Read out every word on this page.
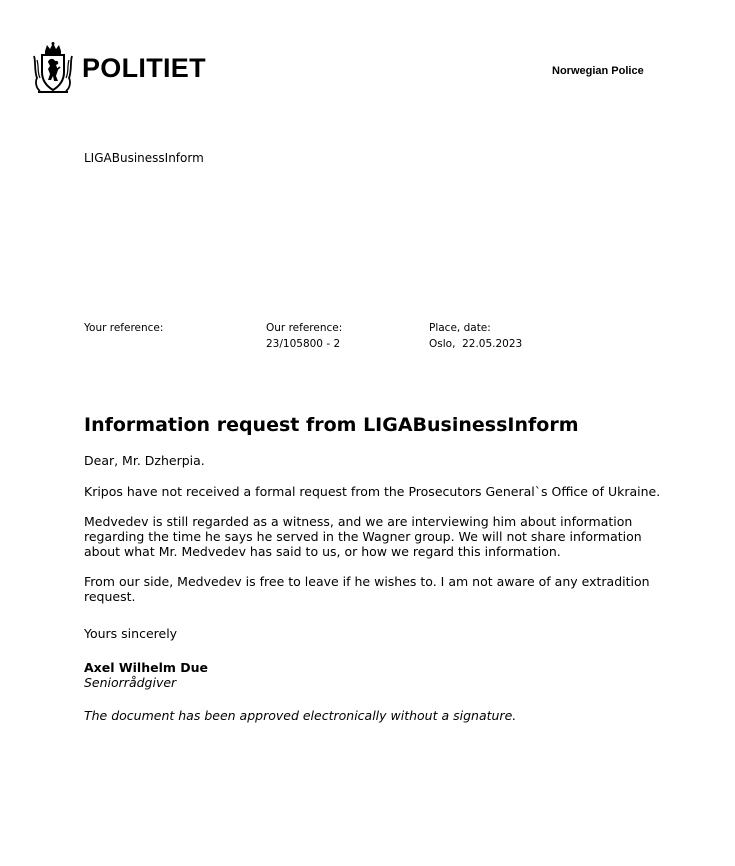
POLITIET	Norwegian Police
LIGABusinessInform
Your reference:	Our reference:
23/105800 - 2
Place, date:
Oslo,  22.05.2023
Information request from LIGABusinessInform

Dear, Mr. Dzherpia.

Kripos have not received a formal request from the Prosecutors General`s Office of Ukraine.

Medvedev is still regarded as a witness, and we are interviewing him about information regarding the time he says he served in the Wagner group. We will not share information about what Mr. Medvedev has said to us, or how we regard this information.

From our side, Medvedev is free to leave if he wishes to. I am not aware of any extradition request.

Yours sincerely

Axel Wilhelm Due
Seniorrådgiver
The document has been approved electronically without a signature.
